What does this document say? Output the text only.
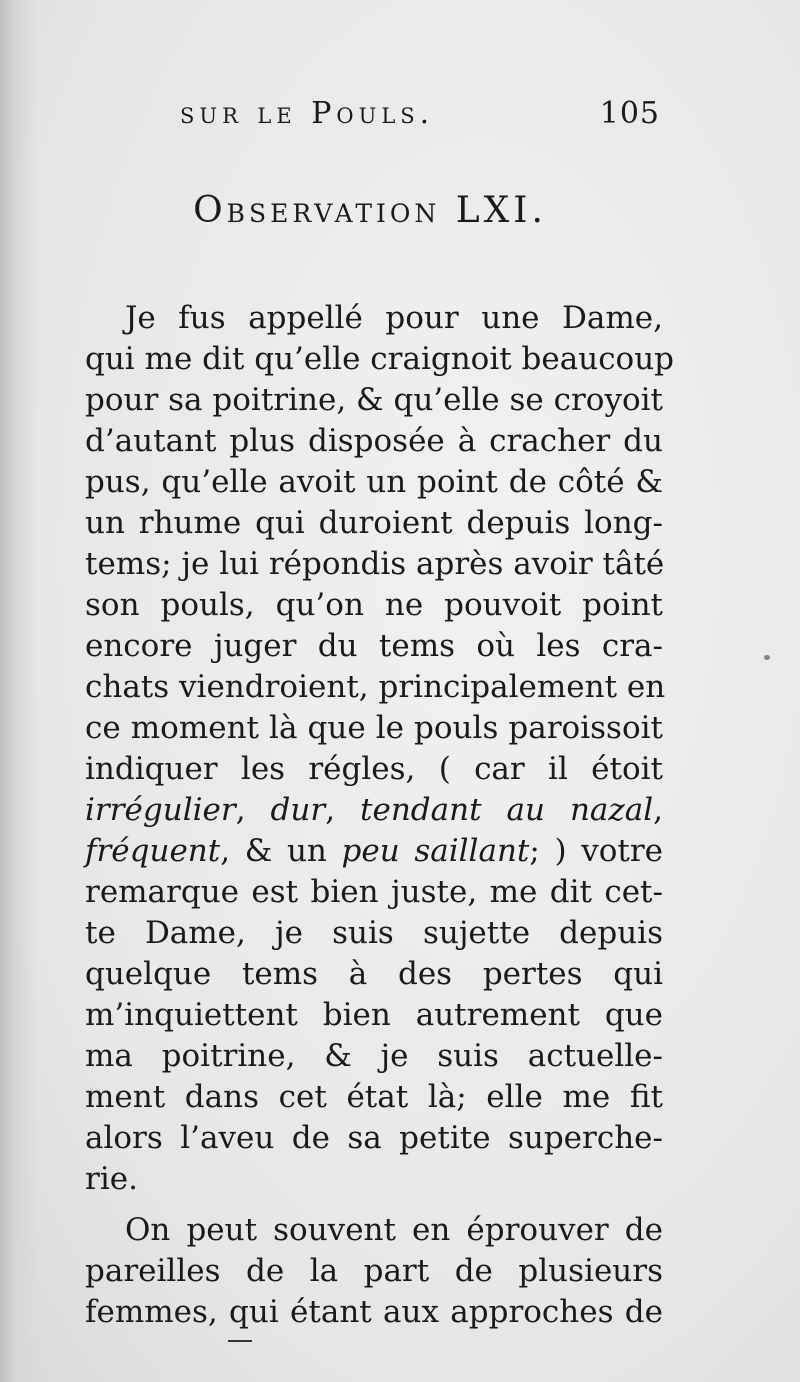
sur le Pouls.	105
Observation LXI.
Je fus appellé pour une Dame,
qui me dit qu’elle craignoit beaucoup
pour sa poitrine, & qu’elle se croyoit
d’autant plus disposée à cracher du
pus, qu’elle avoit un point de côté &
un rhume qui duroient depuis long-
tems; je lui répondis après avoir tâté
son pouls, qu’on ne pouvoit point
encore juger du tems où les cra-
chats viendroient, principalement en
ce moment là que le pouls paroissoit
indiquer les régles, ( car il étoit
irrégulier, dur, tendant au nazal,
fréquent, & un peu saillant; ) votre
remarque est bien juste, me dit cet-
te Dame, je suis sujette depuis
quelque tems à des pertes qui
m’inquiettent bien autrement que
ma poitrine, & je suis actuelle-
ment dans cet état là; elle me fit
alors l’aveu de sa petite superche-
rie.
On peut souvent en éprouver de
pareilles de la part de plusieurs
femmes, qui étant aux approches de
